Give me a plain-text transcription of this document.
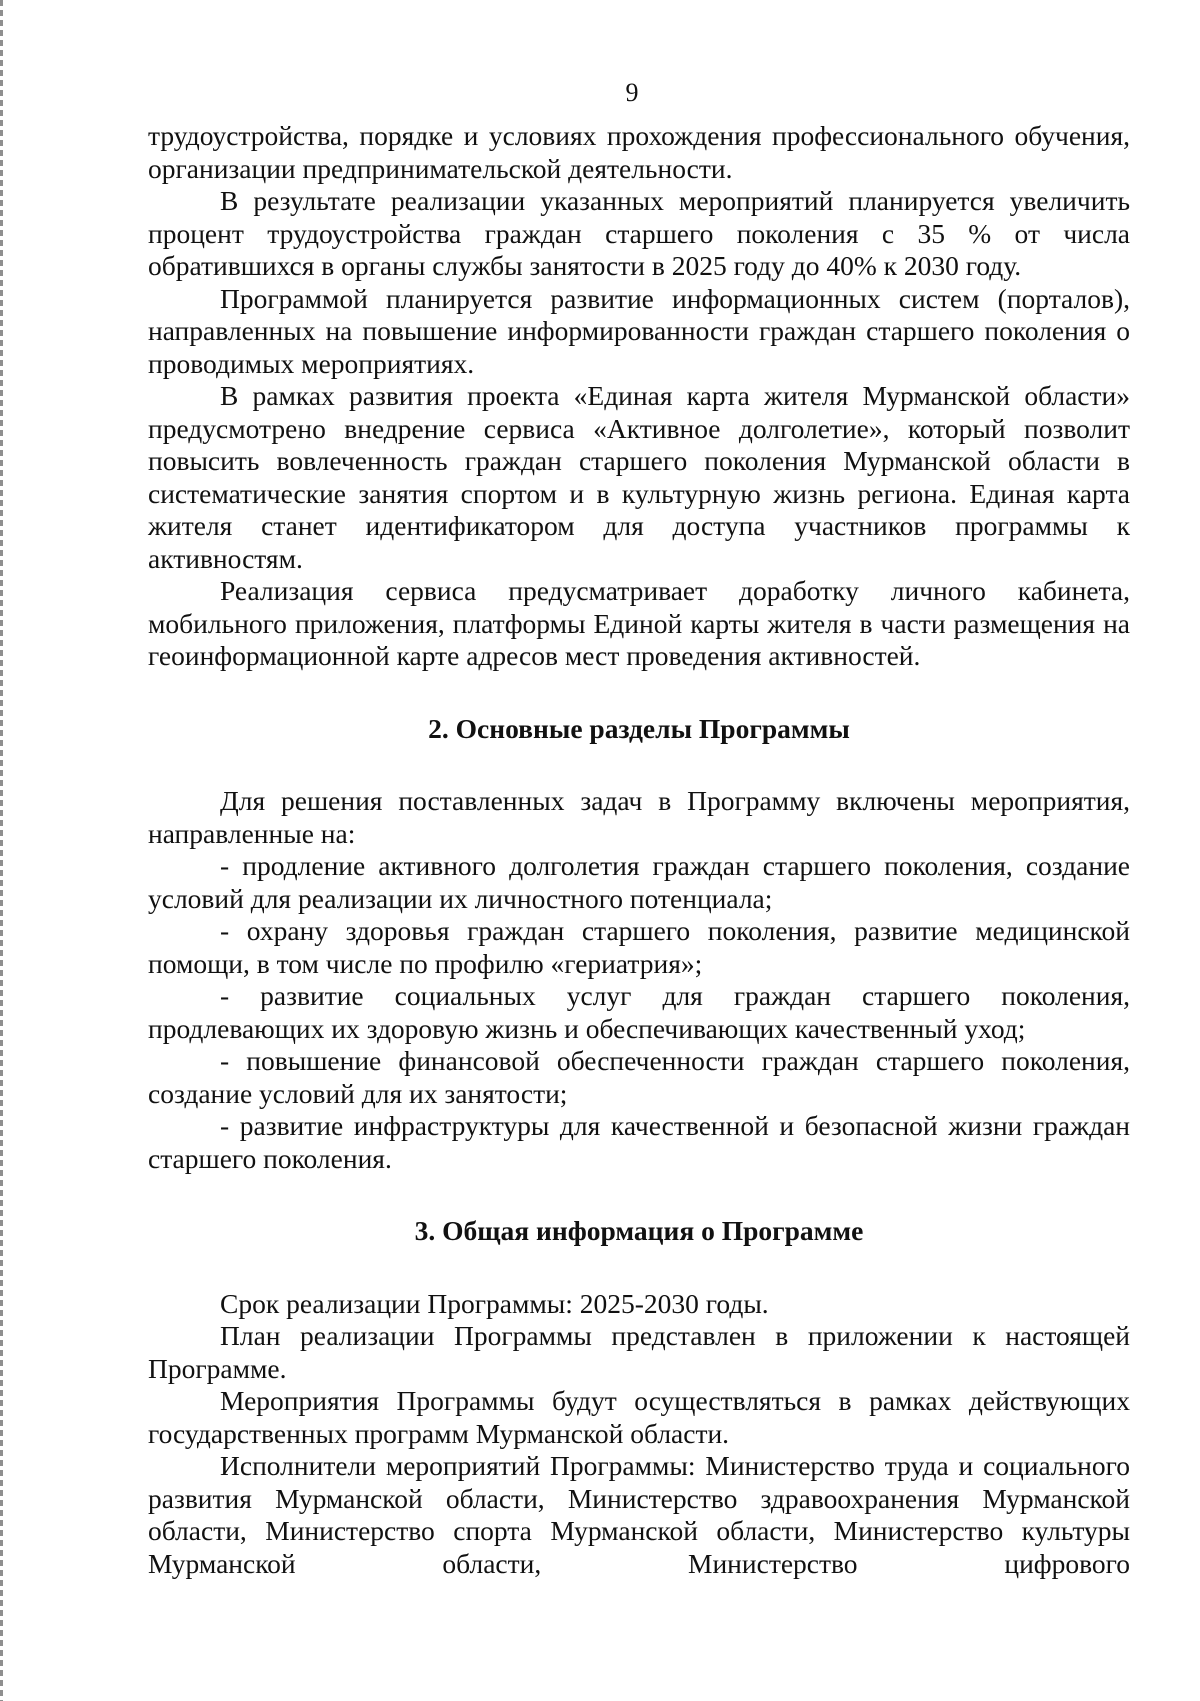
9

трудоустройства, порядке и условиях прохождения профессионального обучения, организации предпринимательской деятельности.

В результате реализации указанных мероприятий планируется увеличить процент трудоустройства граждан старшего поколения с 35 % от числа обратившихся в органы службы занятости в 2025 году до 40% к 2030 году.

Программой планируется развитие информационных систем (порталов), направленных на повышение информированности граждан старшего поколения о проводимых мероприятиях.

В рамках развития проекта «Единая карта жителя Мурманской области» предусмотрено внедрение сервиса «Активное долголетие», который позволит повысить вовлеченность граждан старшего поколения Мурманской области в систематические занятия спортом и в культурную жизнь региона. Единая карта жителя станет идентификатором для доступа участников программы к активностям.

Реализация сервиса предусматривает доработку личного кабинета, мобильного приложения, платформы Единой карты жителя в части размещения на геоинформационной карте адресов мест проведения активностей.

2. Основные разделы Программы

Для решения поставленных задач в Программу включены мероприятия, направленные на:

- продление активного долголетия граждан старшего поколения, создание условий для реализации их личностного потенциала;

- охрану здоровья граждан старшего поколения, развитие медицинской помощи, в том числе по профилю «гериатрия»;

- развитие социальных услуг для граждан старшего поколения, продлевающих их здоровую жизнь и обеспечивающих качественный уход;

- повышение финансовой обеспеченности граждан старшего поколения, создание условий для их занятости;

- развитие инфраструктуры для качественной и безопасной жизни граждан старшего поколения.

3. Общая информация о Программе

Срок реализации Программы: 2025-2030 годы.

План реализации Программы представлен в приложении к настоящей Программе.

Мероприятия Программы будут осуществляться в рамках действующих государственных программ Мурманской области.

Исполнители мероприятий Программы: Министерство труда и социального развития Мурманской области, Министерство здравоохранения Мурманской области, Министерство спорта Мурманской области, Министерство культуры Мурманской области, Министерство цифрового
